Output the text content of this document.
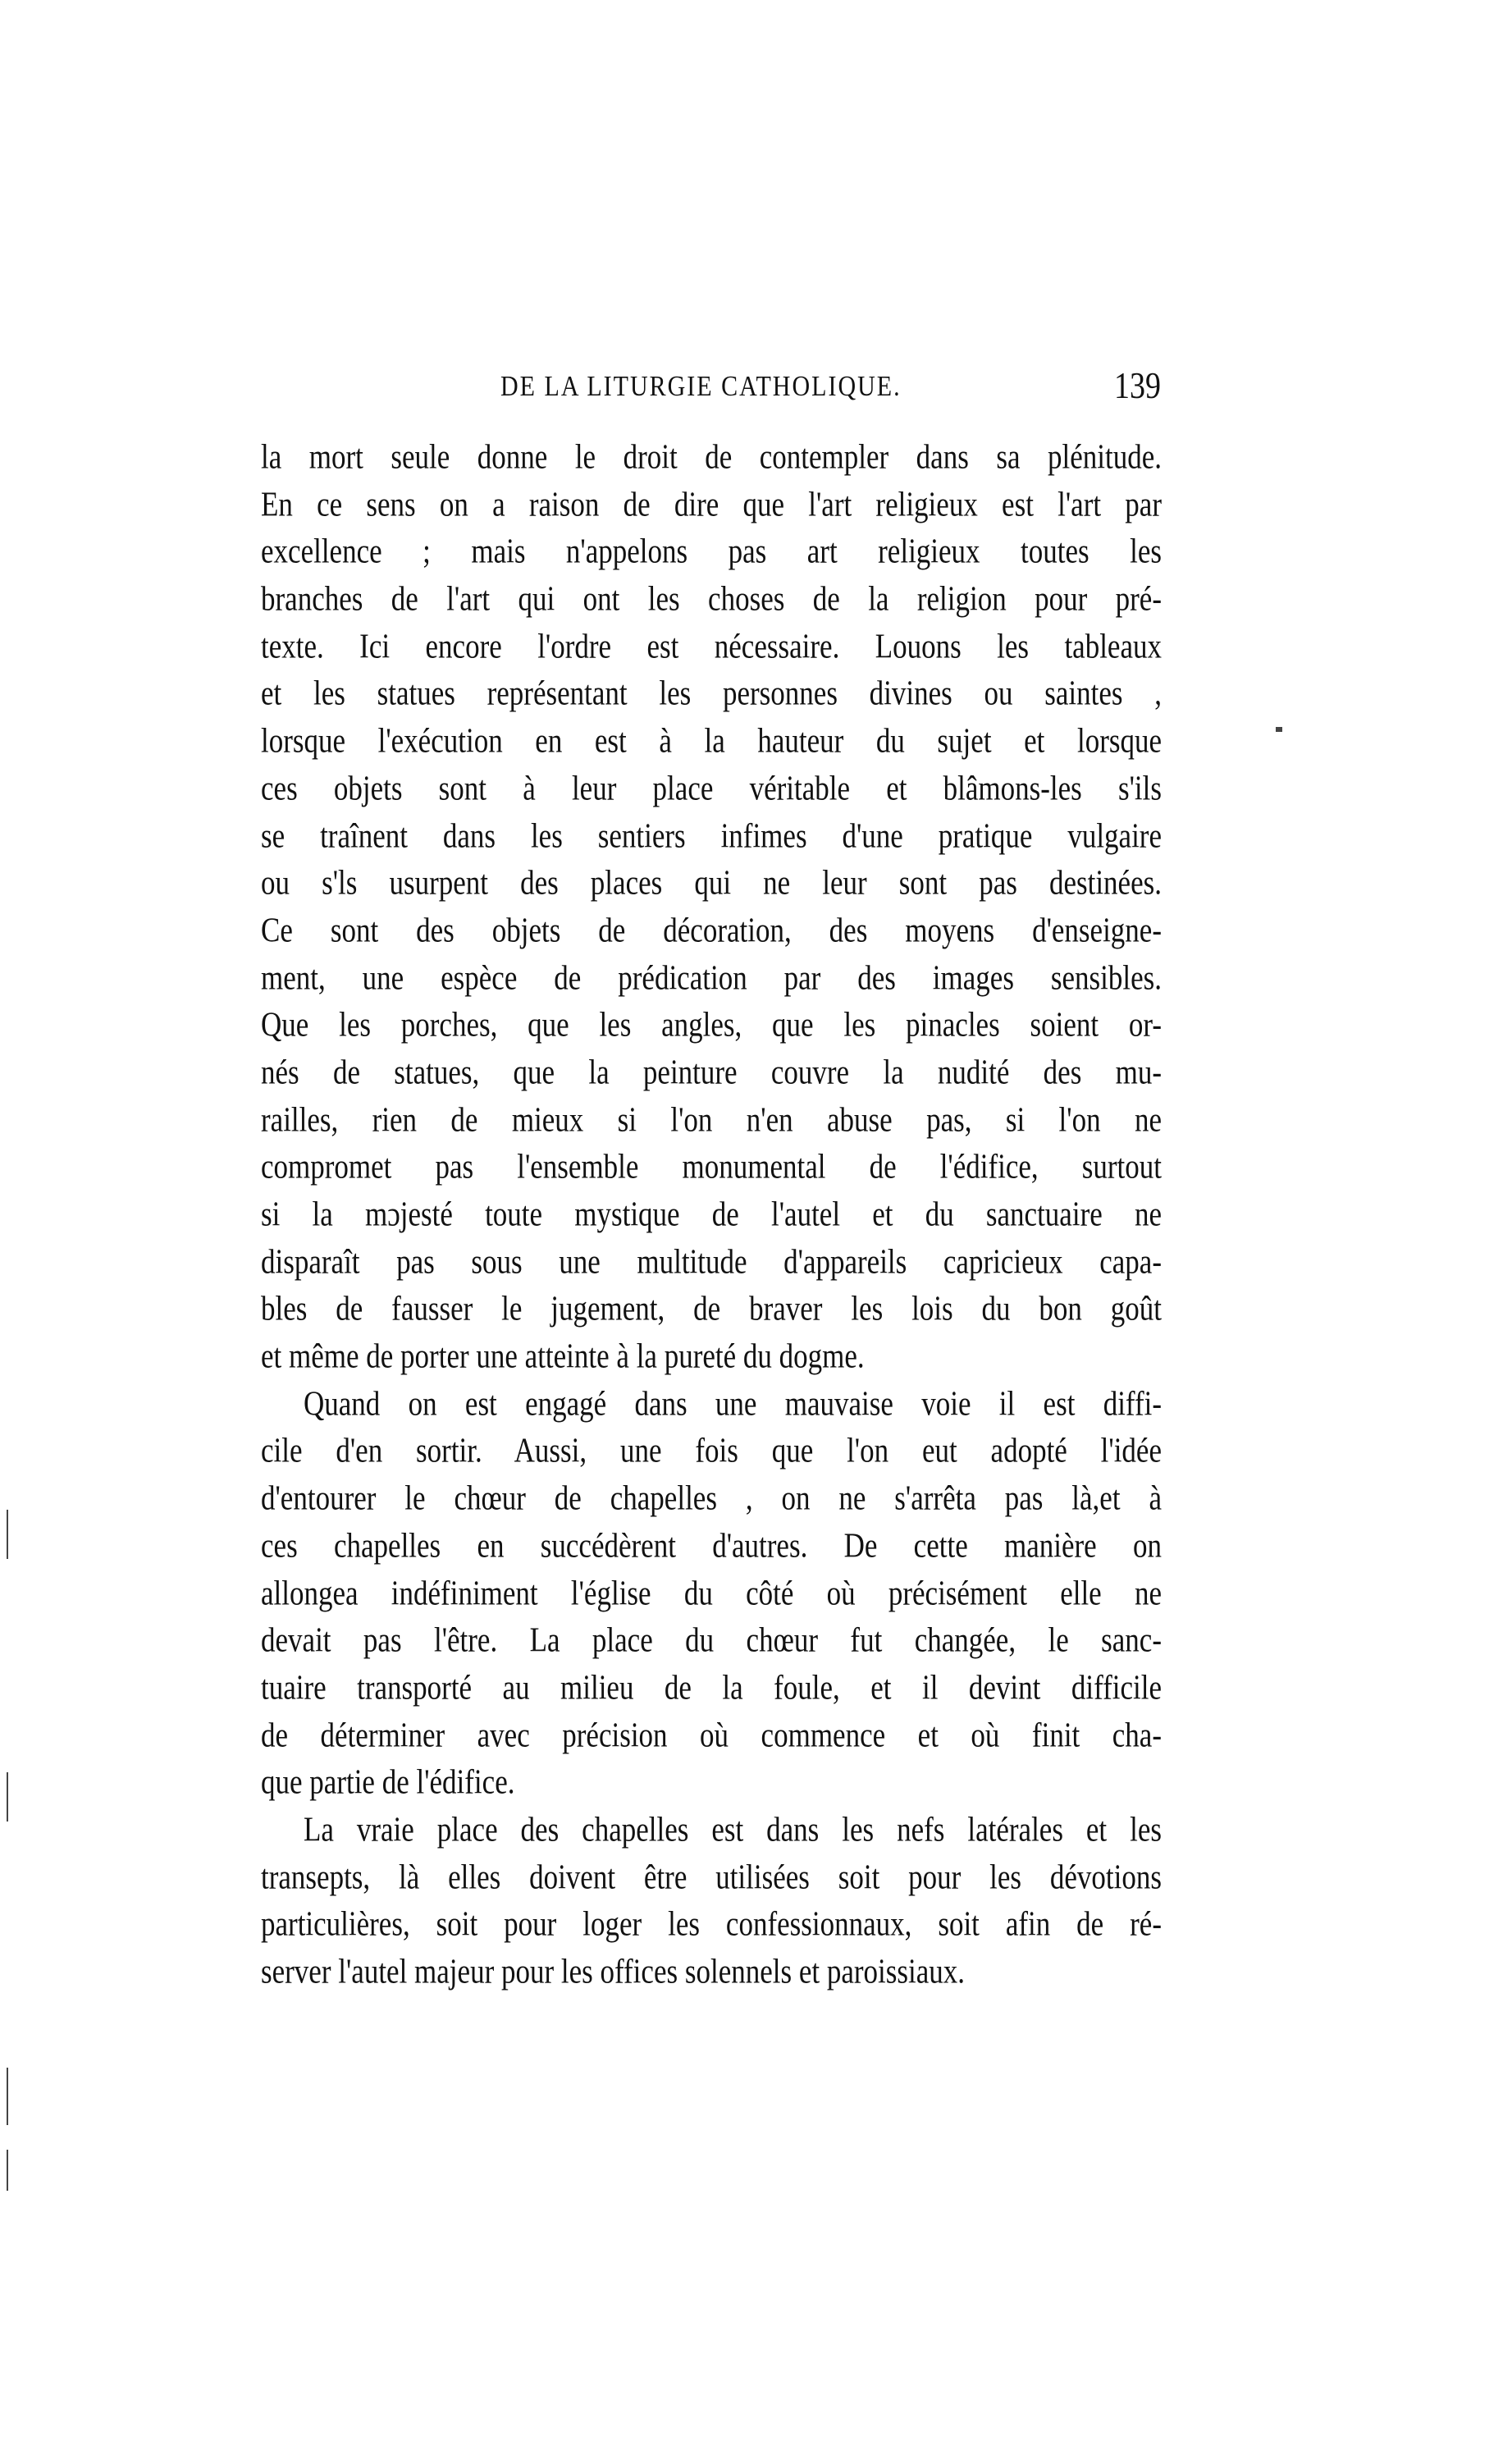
DE LA LITURGIE CATHOLIQUE.	139
la mort seule donne le droit de contempler dans sa plénitude.
En ce sens on a raison de dire que l'art religieux est l'art par
excellence ; mais n'appelons pas art religieux toutes les
branches de l'art qui ont les choses de la religion pour pré-
texte. Ici encore l'ordre est nécessaire. Louons les tableaux
et les statues représentant les personnes divines ou saintes ,
lorsque l'exécution en est à la hauteur du sujet et lorsque
ces objets sont à leur place véritable et blâmons-les s'ils
se traînent dans les sentiers infimes d'une pratique vulgaire
ou s'ls usurpent des places qui ne leur sont pas destinées.
Ce sont des objets de décoration, des moyens d'enseigne-
ment, une espèce de prédication par des images sensibles.
Que les porches, que les angles, que les pinacles soient or-
nés de statues, que la peinture couvre la nudité des mu-
railles, rien de mieux si l'on n'en abuse pas, si l'on ne
compromet pas l'ensemble monumental de l'édifice, surtout
si la mɔjesté toute mystique de l'autel et du sanctuaire ne
disparaît pas sous une multitude d'appareils capricieux capa-
bles de fausser le jugement, de braver les lois du bon goût
et même de porter une atteinte à la pureté du dogme.
Quand on est engagé dans une mauvaise voie il est diffi-
cile d'en sortir. Aussi, une fois que l'on eut adopté l'idée
d'entourer le chœur de chapelles , on ne s'arrêta pas là,et à
ces chapelles en succédèrent d'autres. De cette manière on
allongea indéfiniment l'église du côté où précisément elle ne
devait pas l'être. La place du chœur fut changée, le sanc-
tuaire transporté au milieu de la foule, et il devint difficile
de déterminer avec précision où commence et où finit cha-
que partie de l'édifice.
La vraie place des chapelles est dans les nefs latérales et les
transepts, là elles doivent être utilisées soit pour les dévotions
particulières, soit pour loger les confessionnaux, soit afin de ré-
server l'autel majeur pour les offices solennels et paroissiaux.
